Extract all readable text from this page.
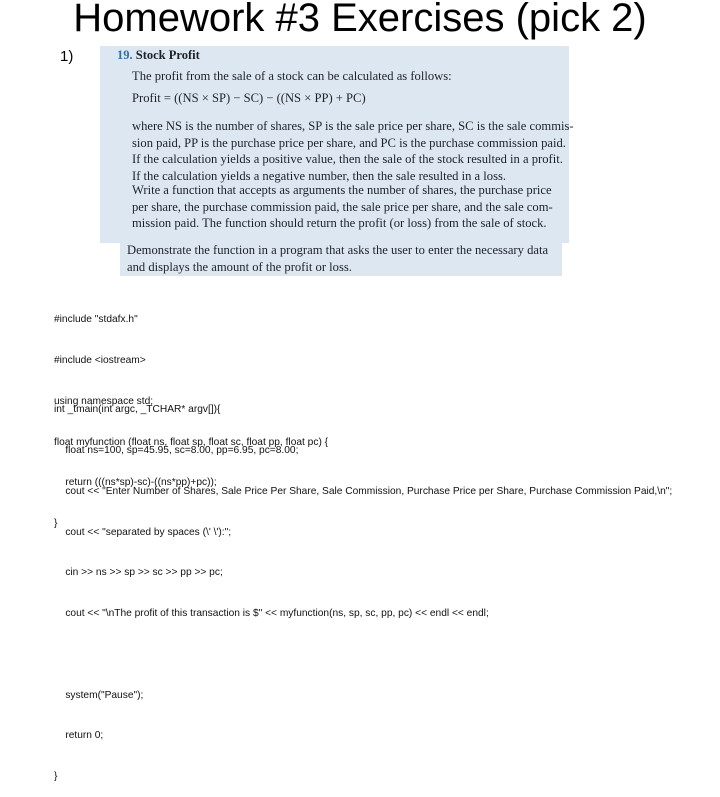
Homework #3 Exercises (pick 2)
1)	19. Stock Profit
The profit from the sale of a stock can be calculated as follows:
Profit = ((NS × SP) − SC) − ((NS × PP) + PC)
where NS is the number of shares, SP is the sale price per share, SC is the sale commis-
sion paid, PP is the purchase price per share, and PC is the purchase commission paid.
If the calculation yields a positive value, then the sale of the stock resulted in a profit.
If the calculation yields a negative number, then the sale resulted in a loss.
Write a function that accepts as arguments the number of shares, the purchase price
per share, the purchase commission paid, the sale price per share, and the sale com-
mission paid. The function should return the profit (or loss) from the sale of stock.
Demonstrate the function in a program that asks the user to enter the necessary data
and displays the amount of the profit or loss.

#include "stdafx.h"

#include <iostream>

using namespace std;

float myfunction (float ns, float sp, float sc, float pp, float pc) {

return (((ns*sp)-sc)-((ns*pp)+pc));

}

int _tmain(int argc, _TCHAR* argv[]){

float ns=100, sp=45.95, sc=8.00, pp=6.95, pc=8.00;

cout << "Enter Number of Shares, Sale Price Per Share, Sale Commission, Purchase Price per Share, Purchase Commission Paid,\n";

cout << "separated by spaces (\' \'):";

cin >> ns >> sp >> sc >> pp >> pc;

cout << "\nThe profit of this transaction is $" << myfunction(ns, sp, sc, pp, pc) << endl << endl;

system("Pause");

return 0;

}
